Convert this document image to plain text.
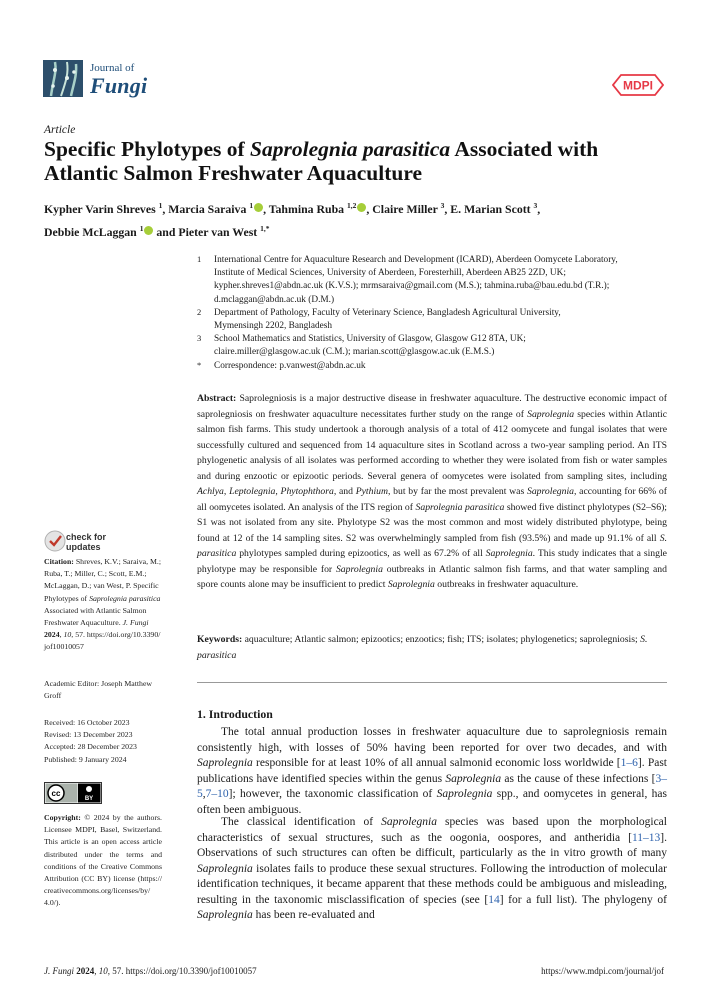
Journal of
Fungi	MDPI
Article
Specific Phylotypes of Saprolegnia parasitica Associated with Atlantic Salmon Freshwater Aquaculture
Kypher Varin Shreves $^1$, Marcia Saraiva $^1$ , Tahmina Ruba $^{1,2}$ , Claire Miller $^3$, E. Marian Scott $^3$,
Debbie McLaggan $^1$ and Pieter van West $^{1,*}$
1 International Centre for Aquaculture Research and Development (ICARD), Aberdeen Oomycete Laboratory,
Institute of Medical Sciences, University of Aberdeen, Foresterhill, Aberdeen AB25 2ZD, UK;
kypher.shreves1@abdn.ac.uk (K.V.S.); mrmsaraiva@gmail.com (M.S.); tahmina.ruba@bau.edu.bd (T.R.);
d.mclaggan@abdn.ac.uk (D.M.)
2 Department of Pathology, Faculty of Veterinary Science, Bangladesh Agricultural University,
Mymensingh 2202, Bangladesh
3 School Mathematics and Statistics, University of Glasgow, Glasgow G12 8TA, UK;
claire.miller@glasgow.ac.uk (C.M.); marian.scott@glasgow.ac.uk (E.M.S.)
* Correspondence: p.vanwest@abdn.ac.uk
Abstract: Saprolegniosis is a major destructive disease in freshwater aquaculture. The destructive economic impact of saprolegniosis on freshwater aquaculture necessitates further study on the range of Saprolegnia species within Atlantic salmon fish farms. This study undertook a thorough analysis of a total of 412 oomycete and fungal isolates that were successfully cultured and sequenced from 14 aquaculture sites in Scotland across a two-year sampling period. An ITS phylogenetic analysis of all isolates was performed according to whether they were isolated from fish or water samples and during enzootic or epizootic periods. Several genera of oomycetes were isolated from sampling sites, including Achlya, Leptolegnia, Phytophthora, and Pythium, but by far the most prevalent was Saprolegnia, accounting for 66% of all oomycetes isolated. An analysis of the ITS region of Saprolegnia parasitica showed five distinct phylotypes (S2–S6); S1 was not isolated from any site. Phylotype S2 was the most common and most widely distributed phylotype, being found at 12 of the 14 sampling sites. S2 was overwhelmingly sampled from fish (93.5%) and made up 91.1% of all S. parasitica phylotypes sampled during epizootics, as well as 67.2% of all Saprolegnia. This study indicates that a single phylotype may be responsible for Saprolegnia outbreaks in Atlantic salmon fish farms, and that water sampling and spore counts alone may be insufficient to predict Saprolegnia outbreaks in freshwater aquaculture.
Keywords: aquaculture; Atlantic salmon; epizootics; enzootics; fish; ITS; isolates; phylogenetics; saprolegniosis; S. parasitica
check for
updates
Citation: Shreves, K.V.; Saraiva, M.; Ruba, T.; Miller, C.; Scott, E.M.; McLaggan, D.; van West, P. Specific Phylotypes of Saprolegnia parasitica Associated with Atlantic Salmon Freshwater Aquaculture. J. Fungi 2024, 10, 57. https://doi.org/10.3390/ jof10010057
Academic Editor: Joseph Matthew Groff
Received: 16 October 2023
Revised: 13 December 2023
Accepted: 28 December 2023
Published: 9 January 2024
cc
BY
Copyright: © 2024 by the authors. Licensee MDPI, Basel, Switzerland. This article is an open access article distributed under the terms and conditions of the Creative Commons Attribution (CC BY) license (https:// creativecommons.org/licenses/by/ 4.0/).
1. Introduction
The total annual production losses in freshwater aquaculture due to saprolegniosis remain consistently high, with losses of 50% having been reported for over two decades, and with Saprolegnia responsible for at least 10% of all annual salmonid economic loss worldwide [1–6]. Past publications have identified species within the genus Saprolegnia as the cause of these infections [3–5,7–10]; however, the taxonomic classification of Saprolegnia spp., and oomycetes in general, has often been ambiguous.
The classical identification of Saprolegnia species was based upon the morphological characteristics of sexual structures, such as the oogonia, oospores, and antheridia [11–13]. Observations of such structures can often be difficult, particularly as the in vitro growth of many Saprolegnia isolates fails to produce these sexual structures. Following the introduction of molecular identification techniques, it became apparent that these methods could be ambiguous and misleading, resulting in the taxonomic misclassification of species (see [14] for a full list). The phylogeny of Saprolegnia has been re-evaluated and
J. Fungi 2024, 10, 57. https://doi.org/10.3390/jof10010057	https://www.mdpi.com/journal/jof
